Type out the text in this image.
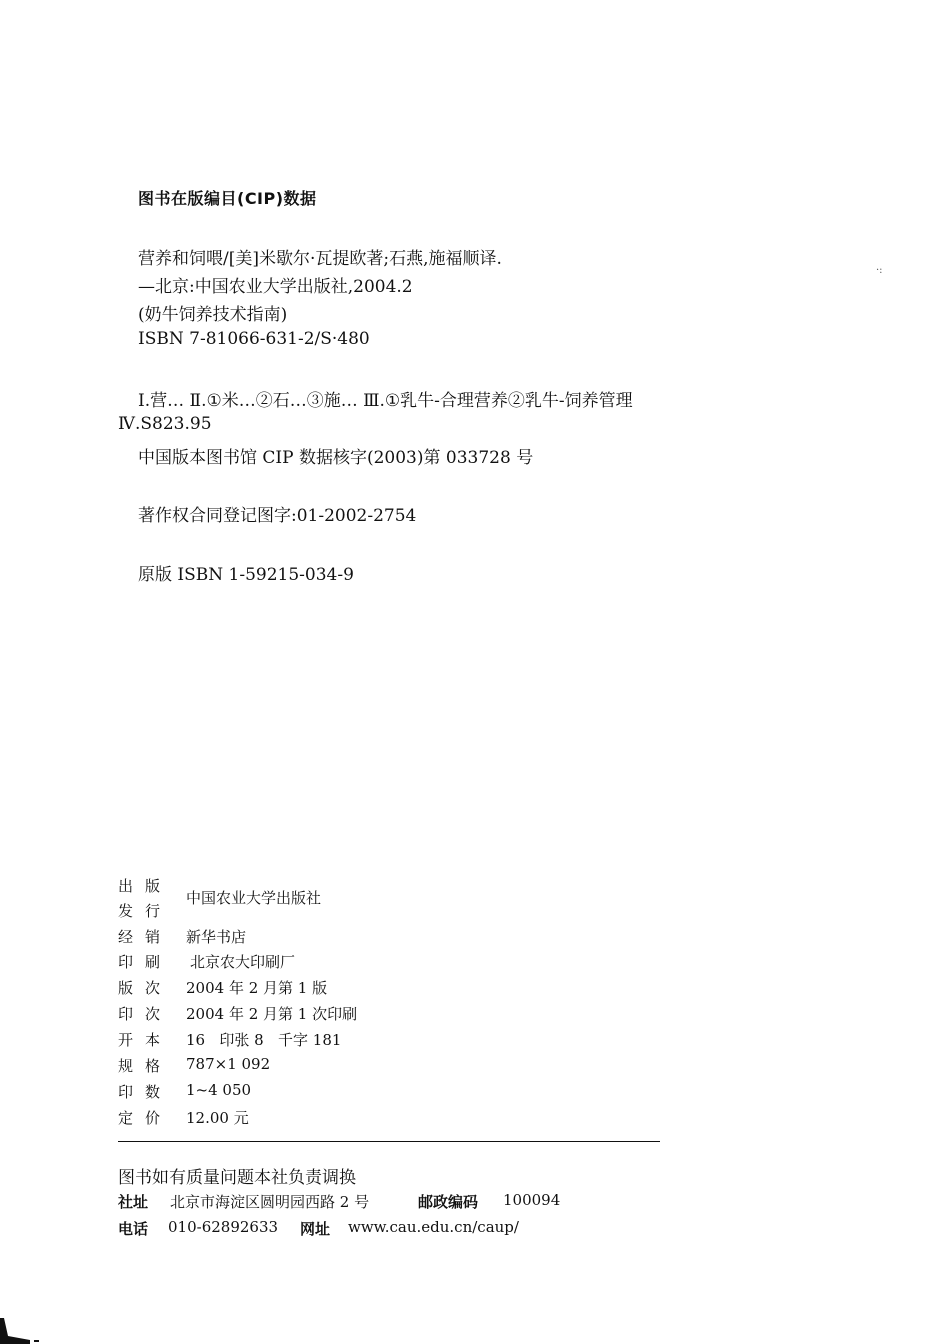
图书在版编目(CIP)数据
营养和饲喂/[美]米歇尔·瓦提欧著;石燕,施福顺译.
—北京:中国农业大学出版社,2004.2
(奶牛饲养技术指南)
ISBN 7-81066-631-2/S·480
Ⅰ.营… Ⅱ.①米…②石…③施… Ⅲ.①乳牛-合理营养②乳牛-饲养管理
Ⅳ.S823.95
中国版本图书馆 CIP 数据核字(2003)第 033728 号
著作权合同登记图字:01-2002-2754
原版 ISBN 1-59215-034-9
·:
出版
发行
中国农业大学出版社
经销 新华书店
印刷 北京农大印刷厂
版次 2004 年 2 月第 1 版
印次 2004 年 2 月第 1 次印刷
开本 16   印张 8   千字 181
规格 787×1 092
印数 1~4 050
定价 12.00 元
图书如有质量问题本社负责调换
社址 北京市海淀区圆明园西路 2 号	邮政编码 100094
电话 010-62892633 网址 www.cau.edu.cn/caup/
